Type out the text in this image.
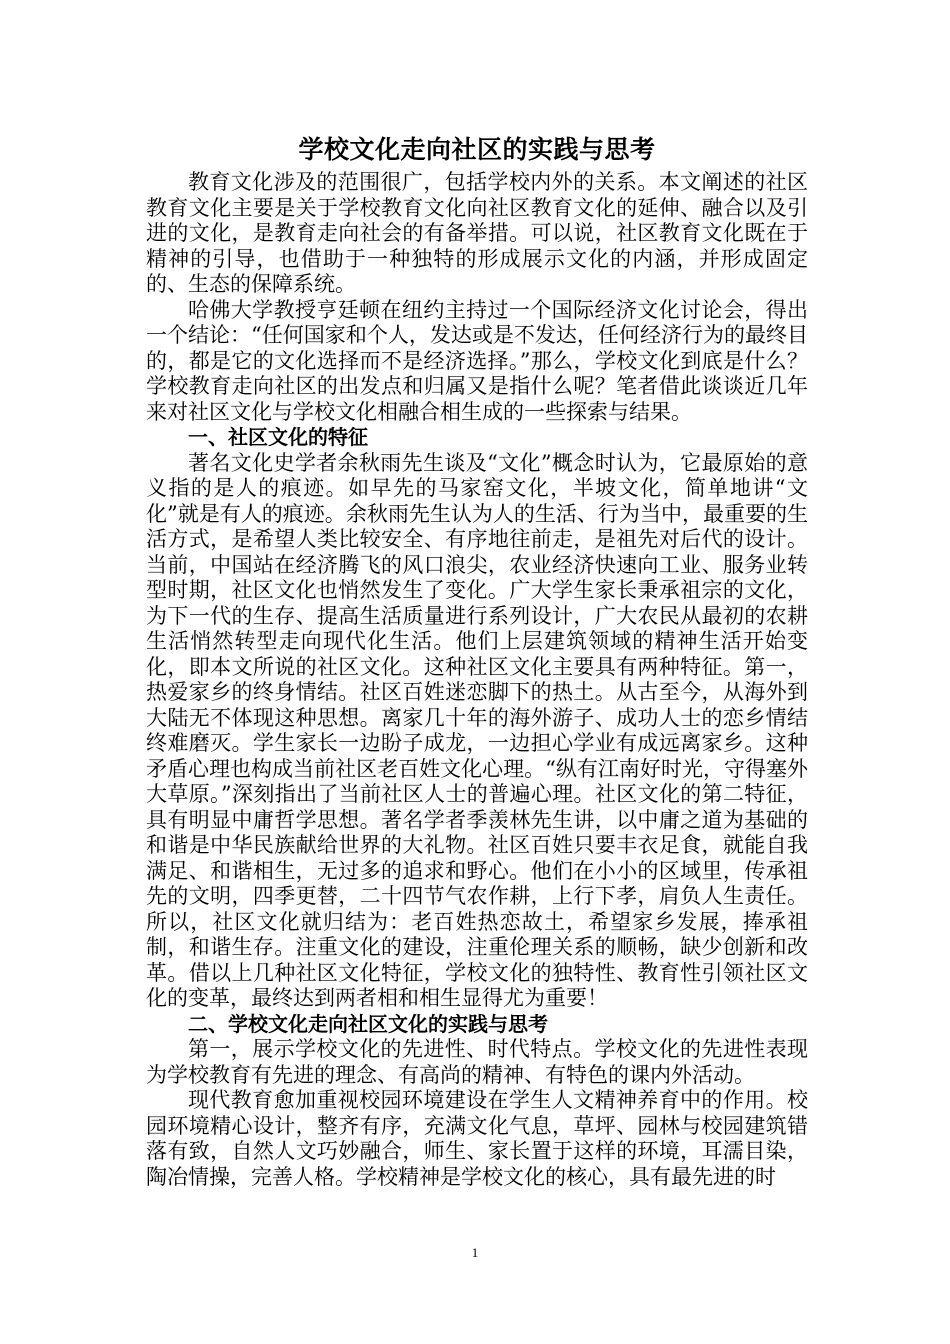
学校文化走向社区的实践与思考

教育文化涉及的范围很广，包括学校内外的关系。本文阐述的社区教育文化主要是关于学校教育文化向社区教育文化的延伸、融合以及引进的文化，是教育走向社会的有备举措。可以说，社区教育文化既在于精神的引导，也借助于一种独特的形成展示文化的内涵，并形成固定的、生态的保障系统。

哈佛大学教授亨廷顿在纽约主持过一个国际经济文化讨论会，得出一个结论：“任何国家和个人，发达或是不发达，任何经济行为的最终目的，都是它的文化选择而不是经济选择。”那么，学校文化到底是什么？学校教育走向社区的出发点和归属又是指什么呢？笔者借此谈谈近几年来对社区文化与学校文化相融合相生成的一些探索与结果。

一、社区文化的特征

著名文化史学者余秋雨先生谈及“文化”概念时认为，它最原始的意义指的是人的痕迹。如早先的马家窑文化，半坡文化，简单地讲“文化”就是有人的痕迹。余秋雨先生认为人的生活、行为当中，最重要的生活方式，是希望人类比较安全、有序地往前走，是祖先对后代的设计。当前，中国站在经济腾飞的风口浪尖，农业经济快速向工业、服务业转型时期，社区文化也悄然发生了变化。广大学生家长秉承祖宗的文化，为下一代的生存、提高生活质量进行系列设计，广大农民从最初的农耕生活悄然转型走向现代化生活。他们上层建筑领域的精神生活开始变化，即本文所说的社区文化。这种社区文化主要具有两种特征。第一，热爱家乡的终身情结。社区百姓迷恋脚下的热土。从古至今，从海外到大陆无不体现这种思想。离家几十年的海外游子、成功人士的恋乡情结终难磨灭。学生家长一边盼子成龙，一边担心学业有成远离家乡。这种矛盾心理也构成当前社区老百姓文化心理。“纵有江南好时光，守得塞外大草原。”深刻指出了当前社区人士的普遍心理。社区文化的第二特征，具有明显中庸哲学思想。著名学者季羡林先生讲，以中庸之道为基础的和谐是中华民族献给世界的大礼物。社区百姓只要丰衣足食，就能自我满足、和谐相生，无过多的追求和野心。他们在小小的区域里，传承祖先的文明，四季更替，二十四节气农作耕，上行下孝，肩负人生责任。所以，社区文化就归结为：老百姓热恋故土，希望家乡发展，捧承祖制，和谐生存。注重文化的建设，注重伦理关系的顺畅，缺少创新和改革。借以上几种社区文化特征，学校文化的独特性、教育性引领社区文化的变革，最终达到两者相和相生显得尤为重要！

二、学校文化走向社区文化的实践与思考

第一，展示学校文化的先进性、时代特点。学校文化的先进性表现为学校教育有先进的理念、有高尚的精神、有特色的课内外活动。

现代教育愈加重视校园环境建设在学生人文精神养育中的作用。校园环境精心设计，整齐有序，充满文化气息，草坪、园林与校园建筑错落有致，自然人文巧妙融合，师生、家长置于这样的环境，耳濡目染，陶冶情操，完善人格。学校精神是学校文化的核心，具有最先进的时

1
